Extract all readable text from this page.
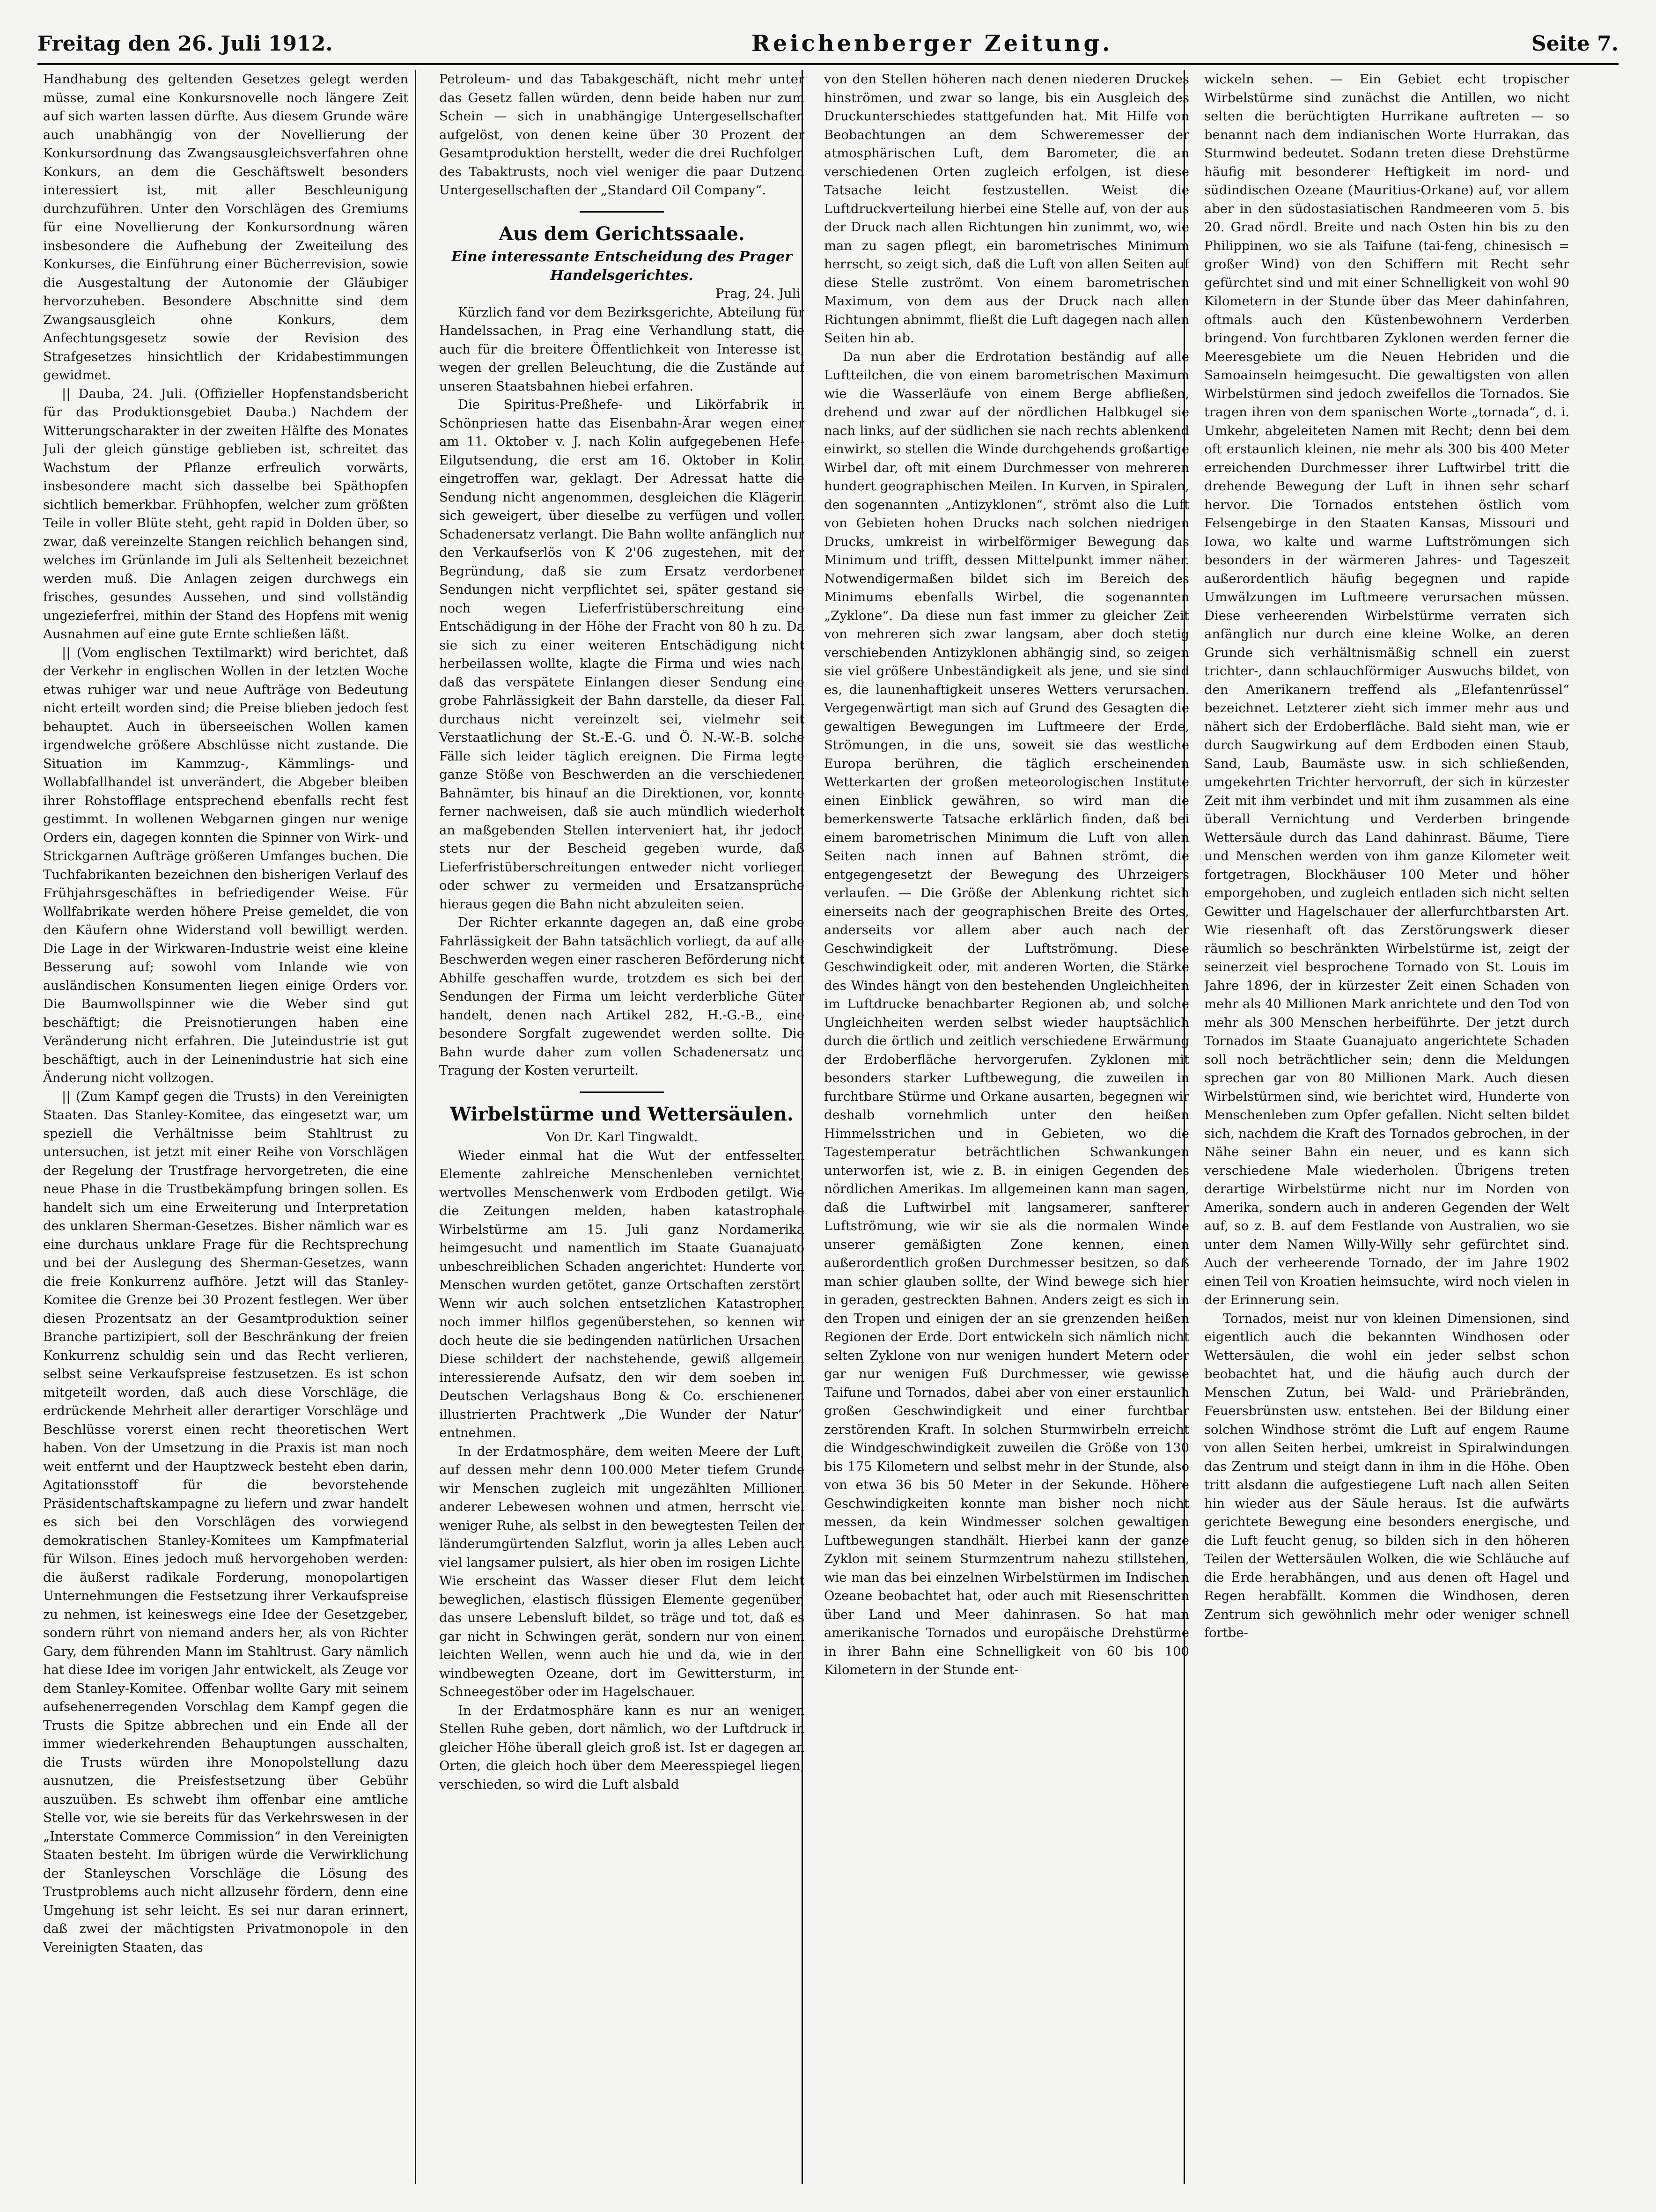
Freitag den 26. Juli 1912.	Reichenberger Zeitung.	Seite 7.

Handhabung des geltenden Gesetzes gelegt werden müsse, zumal eine Konkursnovelle noch längere Zeit auf sich warten lassen dürfte. Aus diesem Grunde wäre auch unabhängig von der Novellierung der Konkursordnung das Zwangsausgleichsverfahren ohne Konkurs, an dem die Geschäftswelt besonders interessiert ist, mit aller Beschleunigung durchzuführen. Unter den Vorschlägen des Gremiums für eine Novellierung der Konkursordnung wären insbesondere die Aufhebung der Zweiteilung des Konkurses, die Einführung einer Bücherrevision, sowie die Ausgestaltung der Autonomie der Gläubiger hervorzuheben. Besondere Abschnitte sind dem Zwangsausgleich ohne Konkurs, dem Anfechtungsgesetz sowie der Revision des Strafgesetzes hinsichtlich der Kridabestimmungen gewidmet.

|| Dauba, 24. Juli. (Offizieller Hopfenstandsbericht für das Produktionsgebiet Dauba.) Nachdem der Witterungscharakter in der zweiten Hälfte des Monates Juli der gleich günstige geblieben ist, schreitet das Wachstum der Pflanze erfreulich vorwärts, insbesondere macht sich dasselbe bei Späthopfen sichtlich bemerkbar. Frühhopfen, welcher zum größten Teile in voller Blüte steht, geht rapid in Dolden über, so zwar, daß vereinzelte Stangen reichlich behangen sind, welches im Grünlande im Juli als Seltenheit bezeichnet werden muß. Die Anlagen zeigen durchwegs ein frisches, gesundes Aussehen, und sind vollständig ungezieferfrei, mithin der Stand des Hopfens mit wenig Ausnahmen auf eine gute Ernte schließen läßt.

|| (Vom englischen Textilmarkt) wird berichtet, daß der Verkehr in englischen Wollen in der letzten Woche etwas ruhiger war und neue Aufträge von Bedeutung nicht erteilt worden sind; die Preise blieben jedoch fest behauptet. Auch in überseeischen Wollen kamen irgendwelche größere Abschlüsse nicht zustande. Die Situation im Kammzug-, Kämmlings- und Wollabfallhandel ist unverändert, die Abgeber bleiben ihrer Rohstofflage entsprechend ebenfalls recht fest gestimmt. In wollenen Webgarnen gingen nur wenige Orders ein, dagegen konnten die Spinner von Wirk- und Strickgarnen Aufträge größeren Umfanges buchen. Die Tuchfabrikanten bezeichnen den bisherigen Verlauf des Frühjahrsgeschäftes in befriedigender Weise. Für Wollfabrikate werden höhere Preise gemeldet, die von den Käufern ohne Widerstand voll bewilligt werden. Die Lage in der Wirkwaren-Industrie weist eine kleine Besserung auf; sowohl vom Inlande wie von ausländischen Konsumenten liegen einige Orders vor. Die Baumwollspinner wie die Weber sind gut beschäftigt; die Preisnotierungen haben eine Veränderung nicht erfahren. Die Juteindustrie ist gut beschäftigt, auch in der Leinenindustrie hat sich eine Änderung nicht vollzogen.

|| (Zum Kampf gegen die Trusts) in den Vereinigten Staaten. Das Stanley-Komitee, das eingesetzt war, um speziell die Verhältnisse beim Stahltrust zu untersuchen, ist jetzt mit einer Reihe von Vorschlägen der Regelung der Trustfrage hervorgetreten, die eine neue Phase in die Trustbekämpfung bringen sollen. Es handelt sich um eine Erweiterung und Interpretation des unklaren Sherman-Gesetzes. Bisher nämlich war es eine durchaus unklare Frage für die Rechtsprechung und bei der Auslegung des Sherman-Gesetzes, wann die freie Konkurrenz aufhöre. Jetzt will das Stanley-Komitee die Grenze bei 30 Prozent festlegen. Wer über diesen Prozentsatz an der Gesamtproduktion seiner Branche partizipiert, soll der Beschränkung der freien Konkurrenz schuldig sein und das Recht verlieren, selbst seine Verkaufspreise festzusetzen. Es ist schon mitgeteilt worden, daß auch diese Vorschläge, die erdrückende Mehrheit aller derartiger Vorschläge und Beschlüsse vorerst einen recht theoretischen Wert haben. Von der Umsetzung in die Praxis ist man noch weit entfernt und der Hauptzweck besteht eben darin, Agitationsstoff für die bevorstehende Präsidentschaftskampagne zu liefern und zwar handelt es sich bei den Vorschlägen des vorwiegend demokratischen Stanley-Komitees um Kampfmaterial für Wilson. Eines jedoch muß hervorgehoben werden: die äußerst radikale Forderung, monopolartigen Unternehmungen die Festsetzung ihrer Verkaufspreise zu nehmen, ist keineswegs eine Idee der Gesetzgeber, sondern rührt von niemand anders her, als von Richter Gary, dem führenden Mann im Stahltrust. Gary nämlich hat diese Idee im vorigen Jahr entwickelt, als Zeuge vor dem Stanley-Komitee. Offenbar wollte Gary mit seinem aufsehenerregenden Vorschlag dem Kampf gegen die Trusts die Spitze abbrechen und ein Ende all der immer wiederkehrenden Behauptungen ausschalten, die Trusts würden ihre Monopolstellung dazu ausnutzen, die Preisfestsetzung über Gebühr auszuüben. Es schwebt ihm offenbar eine amtliche Stelle vor, wie sie bereits für das Verkehrswesen in der „Interstate Commerce Commission“ in den Vereinigten Staaten besteht. Im übrigen würde die Verwirklichung der Stanleyschen Vorschläge die Lösung des Trustproblems auch nicht allzusehr fördern, denn eine Umgehung ist sehr leicht. Es sei nur daran erinnert, daß zwei der mächtigsten Privatmonopole in den Vereinigten Staaten, das

Petroleum- und das Tabakgeschäft, nicht mehr unter das Gesetz fallen würden, denn beide haben nur zum Schein — sich in unabhängige Untergesellschaften aufgelöst, von denen keine über 30 Prozent der Gesamtproduktion herstellt, weder die drei Ruchfolgen des Tabaktrusts, noch viel weniger die paar Dutzend Untergesellschaften der „Standard Oil Company“.

Aus dem Gerichtssaale.

Eine interessante Entscheidung des Prager Handelsgerichtes.

Prag, 24. Juli.

Kürzlich fand vor dem Bezirksgerichte, Abteilung für Handelssachen, in Prag eine Verhandlung statt, die auch für die breitere Öffentlichkeit von Interesse ist, wegen der grellen Beleuchtung, die die Zustände auf unseren Staatsbahnen hiebei erfahren.

Die Spiritus-Preßhefe- und Likörfabrik in Schönpriesen hatte das Eisenbahn-Ärar wegen einer am 11. Oktober v. J. nach Kolin aufgegebenen Hefe-Eilgutsendung, die erst am 16. Oktober in Kolin eingetroffen war, geklagt. Der Adressat hatte die Sendung nicht angenommen, desgleichen die Klägerin sich geweigert, über dieselbe zu verfügen und vollen Schadenersatz verlangt. Die Bahn wollte anfänglich nur den Verkaufserlös von K 2'06 zugestehen, mit der Begründung, daß sie zum Ersatz verdorbener Sendungen nicht verpflichtet sei, später gestand sie noch wegen Lieferfristüberschreitung eine Entschädigung in der Höhe der Fracht von 80 h zu. Da sie sich zu einer weiteren Entschädigung nicht herbeilassen wollte, klagte die Firma und wies nach, daß das verspätete Einlangen dieser Sendung eine grobe Fahrlässigkeit der Bahn darstelle, da dieser Fall durchaus nicht vereinzelt sei, vielmehr seit Verstaatlichung der St.-E.-G. und Ö. N.-W.-B. solche Fälle sich leider täglich ereignen. Die Firma legte ganze Stöße von Beschwerden an die verschiedenen Bahnämter, bis hinauf an die Direktionen, vor, konnte ferner nachweisen, daß sie auch mündlich wiederholt an maßgebenden Stellen interveniert hat, ihr jedoch stets nur der Bescheid gegeben wurde, daß Lieferfristüberschreitungen entweder nicht vorliegen oder schwer zu vermeiden und Ersatzansprüche hieraus gegen die Bahn nicht abzuleiten seien.

Der Richter erkannte dagegen an, daß eine grobe Fahrlässigkeit der Bahn tatsächlich vorliegt, da auf alle Beschwerden wegen einer rascheren Beförderung nicht Abhilfe geschaffen wurde, trotzdem es sich bei den Sendungen der Firma um leicht verderbliche Güter handelt, denen nach Artikel 282, H.-G.-B., eine besondere Sorgfalt zugewendet werden sollte. Die Bahn wurde daher zum vollen Schadenersatz und Tragung der Kosten verurteilt.

Wirbelstürme und Wettersäulen.

Von Dr. Karl Tingwaldt.

Wieder einmal hat die Wut der entfesselten Elemente zahlreiche Menschenleben vernichtet, wertvolles Menschenwerk vom Erdboden getilgt. Wie die Zeitungen melden, haben katastrophale Wirbelstürme am 15. Juli ganz Nordamerika heimgesucht und namentlich im Staate Guanajuato unbeschreiblichen Schaden angerichtet: Hunderte von Menschen wurden getötet, ganze Ortschaften zerstört. Wenn wir auch solchen entsetzlichen Katastrophen noch immer hilflos gegenüberstehen, so kennen wir doch heute die sie bedingenden natürlichen Ursachen. Diese schildert der nachstehende, gewiß allgemein interessierende Aufsatz, den wir dem soeben im Deutschen Verlagshaus Bong & Co. erschienenen illustrierten Prachtwerk „Die Wunder der Natur“ entnehmen.

In der Erdatmosphäre, dem weiten Meere der Luft, auf dessen mehr denn 100.000 Meter tiefem Grunde wir Menschen zugleich mit ungezählten Millionen anderer Lebewesen wohnen und atmen, herrscht viel weniger Ruhe, als selbst in den bewegtesten Teilen der länderumgürtenden Salzflut, worin ja alles Leben auch viel langsamer pulsiert, als hier oben im rosigen Lichte. Wie erscheint das Wasser dieser Flut dem leicht beweglichen, elastisch flüssigen Elemente gegenüber, das unsere Lebensluft bildet, so träge und tot, daß es gar nicht in Schwingen gerät, sondern nur von einem leichten Wellen, wenn auch hie und da, wie in den windbewegten Ozeane, dort im Gewittersturm, im Schneegestöber oder im Hagelschauer.

In der Erdatmosphäre kann es nur an wenigen Stellen Ruhe geben, dort nämlich, wo der Luftdruck in gleicher Höhe überall gleich groß ist. Ist er dagegen an Orten, die gleich hoch über dem Meeresspiegel liegen, verschieden, so wird die Luft alsbald

von den Stellen höheren nach denen niederen Druckes hinströmen, und zwar so lange, bis ein Ausgleich des Druckunterschiedes stattgefunden hat. Mit Hilfe von Beobachtungen an dem Schweremesser der atmosphärischen Luft, dem Barometer, die an verschiedenen Orten zugleich erfolgen, ist diese Tatsache leicht festzustellen. Weist die Luftdruckverteilung hierbei eine Stelle auf, von der aus der Druck nach allen Richtungen hin zunimmt, wo, wie man zu sagen pflegt, ein barometrisches Minimum herrscht, so zeigt sich, daß die Luft von allen Seiten auf diese Stelle zuströmt. Von einem barometrischen Maximum, von dem aus der Druck nach allen Richtungen abnimmt, fließt die Luft dagegen nach allen Seiten hin ab.

Da nun aber die Erdrotation beständig auf alle Luftteilchen, die von einem barometrischen Maximum wie die Wasserläufe von einem Berge abfließen, drehend und zwar auf der nördlichen Halbkugel sie nach links, auf der südlichen sie nach rechts ablenkend einwirkt, so stellen die Winde durchgehends großartige Wirbel dar, oft mit einem Durchmesser von mehreren hundert geographischen Meilen. In Kurven, in Spiralen, den sogenannten „Antizyklonen“, strömt also die Luft von Gebieten hohen Drucks nach solchen niedrigen Drucks, umkreist in wirbelförmiger Bewegung das Minimum und trifft, dessen Mittelpunkt immer näher. Notwendigermaßen bildet sich im Bereich des Minimums ebenfalls Wirbel, die sogenannten „Zyklone“. Da diese nun fast immer zu gleicher Zeit von mehreren sich zwar langsam, aber doch stetig verschiebenden Antizyklonen abhängig sind, so zeigen sie viel größere Unbeständigkeit als jene, und sie sind es, die launenhaftigkeit unseres Wetters verursachen. Vergegenwärtigt man sich auf Grund des Gesagten die gewaltigen Bewegungen im Luftmeere der Erde, Strömungen, in die uns, soweit sie das westliche Europa berühren, die täglich erscheinenden Wetterkarten der großen meteorologischen Institute einen Einblick gewähren, so wird man die bemerkenswerte Tatsache erklärlich finden, daß bei einem barometrischen Minimum die Luft von allen Seiten nach innen auf Bahnen strömt, die entgegengesetzt der Bewegung des Uhrzeigers verlaufen. — Die Größe der Ablenkung richtet sich einerseits nach der geographischen Breite des Ortes, anderseits vor allem aber auch nach der Geschwindigkeit der Luftströmung. Diese Geschwindigkeit oder, mit anderen Worten, die Stärke des Windes hängt von den bestehenden Ungleichheiten im Luftdrucke benachbarter Regionen ab, und solche Ungleichheiten werden selbst wieder hauptsächlich durch die örtlich und zeitlich verschiedene Erwärmung der Erdoberfläche hervorgerufen. Zyklonen mit besonders starker Luftbewegung, die zuweilen in furchtbare Stürme und Orkane ausarten, begegnen wir deshalb vornehmlich unter den heißen Himmelsstrichen und in Gebieten, wo die Tagestemperatur beträchtlichen Schwankungen unterworfen ist, wie z. B. in einigen Gegenden des nördlichen Amerikas. Im allgemeinen kann man sagen, daß die Luftwirbel mit langsamerer, sanfterer Luftströmung, wie wir sie als die normalen Winde unserer gemäßigten Zone kennen, einen außerordentlich großen Durchmesser besitzen, so daß man schier glauben sollte, der Wind bewege sich hier in geraden, gestreckten Bahnen. Anders zeigt es sich in den Tropen und einigen der an sie grenzenden heißen Regionen der Erde. Dort entwickeln sich nämlich nicht selten Zyklone von nur wenigen hundert Metern oder gar nur wenigen Fuß Durchmesser, wie gewisse Taifune und Tornados, dabei aber von einer erstaunlich großen Geschwindigkeit und einer furchtbar zerstörenden Kraft. In solchen Sturmwirbeln erreicht die Windgeschwindigkeit zuweilen die Größe von 130 bis 175 Kilometern und selbst mehr in der Stunde, also von etwa 36 bis 50 Meter in der Sekunde. Höhere Geschwindigkeiten konnte man bisher noch nicht messen, da kein Windmesser solchen gewaltigen Luftbewegungen standhält. Hierbei kann der ganze Zyklon mit seinem Sturmzentrum nahezu stillstehen, wie man das bei einzelnen Wirbelstürmen im Indischen Ozeane beobachtet hat, oder auch mit Riesenschritten über Land und Meer dahinrasen. So hat man amerikanische Tornados und europäische Drehstürme in ihrer Bahn eine Schnelligkeit von 60 bis 100 Kilometern in der Stunde ent-

wickeln sehen. — Ein Gebiet echt tropischer Wirbelstürme sind zunächst die Antillen, wo nicht selten die berüchtigten Hurrikane auftreten — so benannt nach dem indianischen Worte Hurrakan, das Sturmwind bedeutet. Sodann treten diese Drehstürme häufig mit besonderer Heftigkeit im nord- und südindischen Ozeane (Mauritius-Orkane) auf, vor allem aber in den südostasiatischen Randmeeren vom 5. bis 20. Grad nördl. Breite und nach Osten hin bis zu den Philippinen, wo sie als Taifune (tai-feng, chinesisch = großer Wind) von den Schiffern mit Recht sehr gefürchtet sind und mit einer Schnelligkeit von wohl 90 Kilometern in der Stunde über das Meer dahinfahren, oftmals auch den Küstenbewohnern Verderben bringend. Von furchtbaren Zyklonen werden ferner die Meeresgebiete um die Neuen Hebriden und die Samoainseln heimgesucht. Die gewaltigsten von allen Wirbelstürmen sind jedoch zweifellos die Tornados. Sie tragen ihren von dem spanischen Worte „tornada“, d. i. Umkehr, abgeleiteten Namen mit Recht; denn bei dem oft erstaunlich kleinen, nie mehr als 300 bis 400 Meter erreichenden Durchmesser ihrer Luftwirbel tritt die drehende Bewegung der Luft in ihnen sehr scharf hervor. Die Tornados entstehen östlich vom Felsengebirge in den Staaten Kansas, Missouri und Iowa, wo kalte und warme Luftströmungen sich besonders in der wärmeren Jahres- und Tageszeit außerordentlich häufig begegnen und rapide Umwälzungen im Luftmeere verursachen müssen. Diese verheerenden Wirbelstürme verraten sich anfänglich nur durch eine kleine Wolke, an deren Grunde sich verhältnismäßig schnell ein zuerst trichter-, dann schlauchförmiger Auswuchs bildet, von den Amerikanern treffend als „Elefantenrüssel“ bezeichnet. Letzterer zieht sich immer mehr aus und nähert sich der Erdoberfläche. Bald sieht man, wie er durch Saugwirkung auf dem Erdboden einen Staub, Sand, Laub, Baumäste usw. in sich schließenden, umgekehrten Trichter hervorruft, der sich in kürzester Zeit mit ihm verbindet und mit ihm zusammen als eine überall Vernichtung und Verderben bringende Wettersäule durch das Land dahinrast. Bäume, Tiere und Menschen werden von ihm ganze Kilometer weit fortgetragen, Blockhäuser 100 Meter und höher emporgehoben, und zugleich entladen sich nicht selten Gewitter und Hagelschauer der allerfurchtbarsten Art. Wie riesenhaft oft das Zerstörungswerk dieser räumlich so beschränkten Wirbelstürme ist, zeigt der seinerzeit viel besprochene Tornado von St. Louis im Jahre 1896, der in kürzester Zeit einen Schaden von mehr als 40 Millionen Mark anrichtete und den Tod von mehr als 300 Menschen herbeiführte. Der jetzt durch Tornados im Staate Guanajuato angerichtete Schaden soll noch beträchtlicher sein; denn die Meldungen sprechen gar von 80 Millionen Mark. Auch diesen Wirbelstürmen sind, wie berichtet wird, Hunderte von Menschenleben zum Opfer gefallen. Nicht selten bildet sich, nachdem die Kraft des Tornados gebrochen, in der Nähe seiner Bahn ein neuer, und es kann sich verschiedene Male wiederholen. Übrigens treten derartige Wirbelstürme nicht nur im Norden von Amerika, sondern auch in anderen Gegenden der Welt auf, so z. B. auf dem Festlande von Australien, wo sie unter dem Namen Willy-Willy sehr gefürchtet sind. Auch der verheerende Tornado, der im Jahre 1902 einen Teil von Kroatien heimsuchte, wird noch vielen in der Erinnerung sein.

Tornados, meist nur von kleinen Dimensionen, sind eigentlich auch die bekannten Windhosen oder Wettersäulen, die wohl ein jeder selbst schon beobachtet hat, und die häufig auch durch der Menschen Zutun, bei Wald- und Präriebränden, Feuersbrünsten usw. entstehen. Bei der Bildung einer solchen Windhose strömt die Luft auf engem Raume von allen Seiten herbei, umkreist in Spiralwindungen das Zentrum und steigt dann in ihm in die Höhe. Oben tritt alsdann die aufgestiegene Luft nach allen Seiten hin wieder aus der Säule heraus. Ist die aufwärts gerichtete Bewegung eine besonders energische, und die Luft feucht genug, so bilden sich in den höheren Teilen der Wettersäulen Wolken, die wie Schläuche auf die Erde herabhängen, und aus denen oft Hagel und Regen herabfällt. Kommen die Windhosen, deren Zentrum sich gewöhnlich mehr oder weniger schnell fortbe-
